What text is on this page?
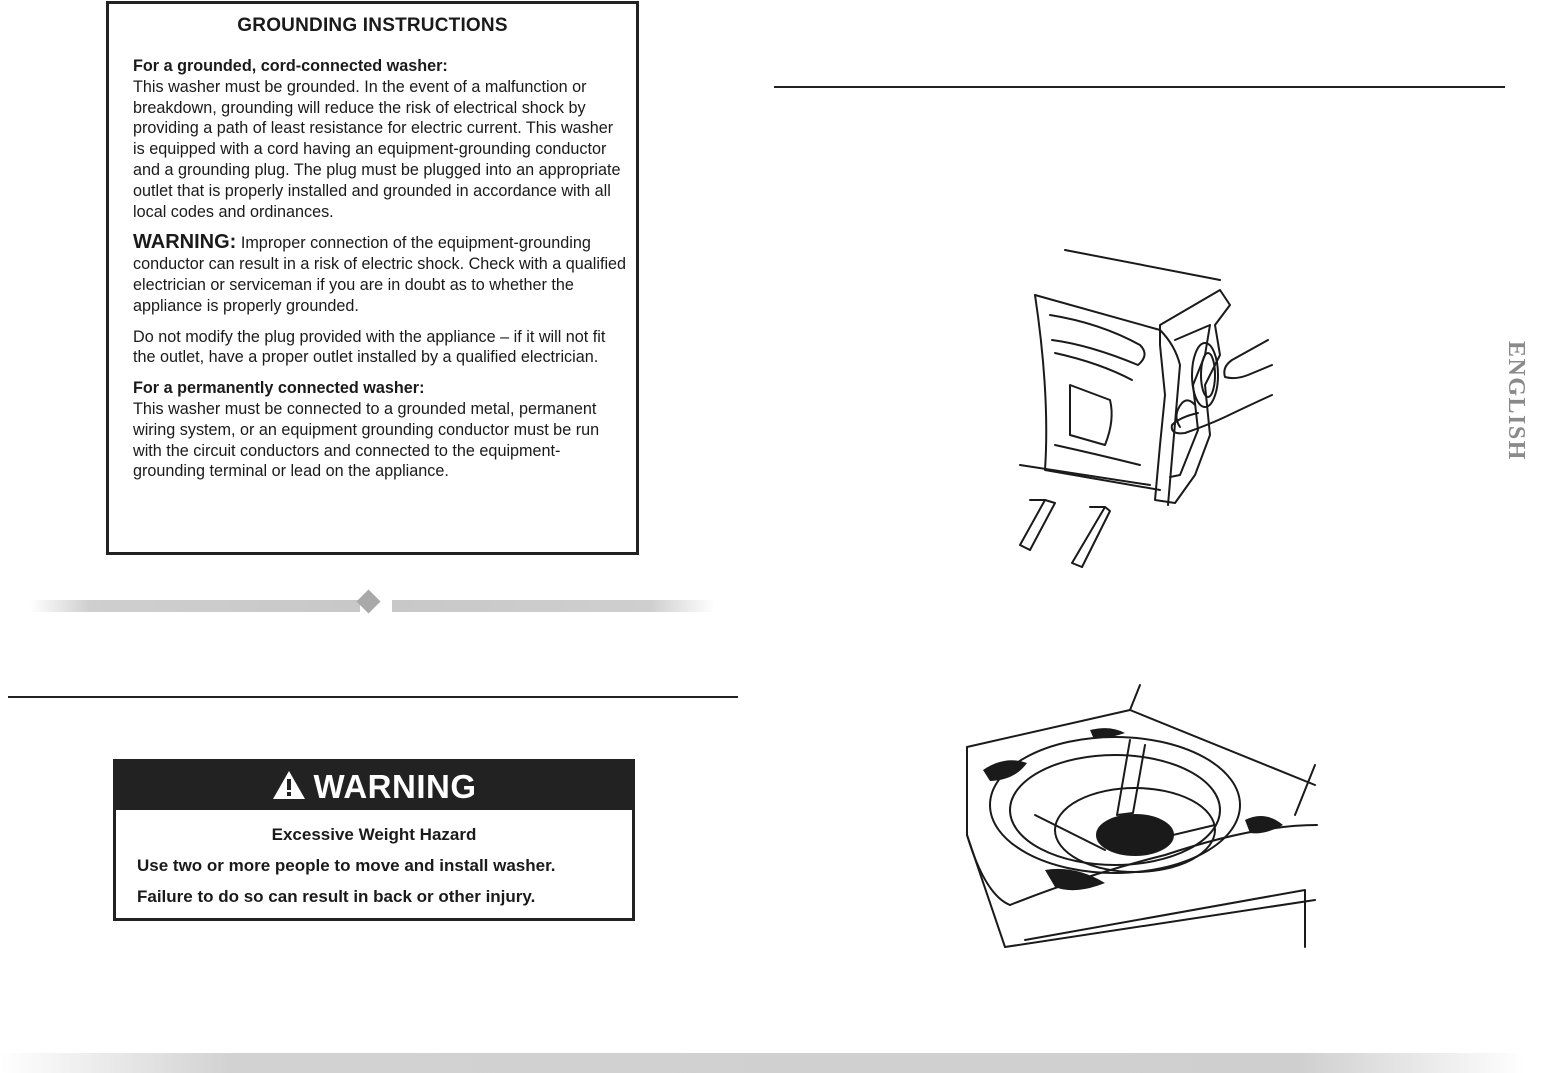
GROUNDING INSTRUCTIONS

For a grounded, cord-connected washer:
This washer must be grounded. In the event of a malfunction or breakdown, grounding will reduce the risk of electrical shock by providing a path of least resistance for electric current. This washer is equipped with a cord having an equipment-grounding conductor and a grounding plug. The plug must be plugged into an appropriate outlet that is properly installed and grounded in accordance with all local codes and ordinances.

WARNING: Improper connection of the equipment-grounding conductor can result in a risk of electric shock. Check with a qualified electrician or serviceman if you are in doubt as to whether the appliance is properly grounded.

Do not modify the plug provided with the appliance – if it will not fit the outlet, have a proper outlet installed by a qualified electrician.

For a permanently connected washer:
This washer must be connected to a grounded metal, permanent wiring system, or an equipment grounding conductor must be run with the circuit conductors and connected to the equipment-grounding terminal or lead on the appliance.

WARNING
Excessive Weight Hazard
Use two or more people to move and install washer.
Failure to do so can result in back or other injury.
ENGLISH
